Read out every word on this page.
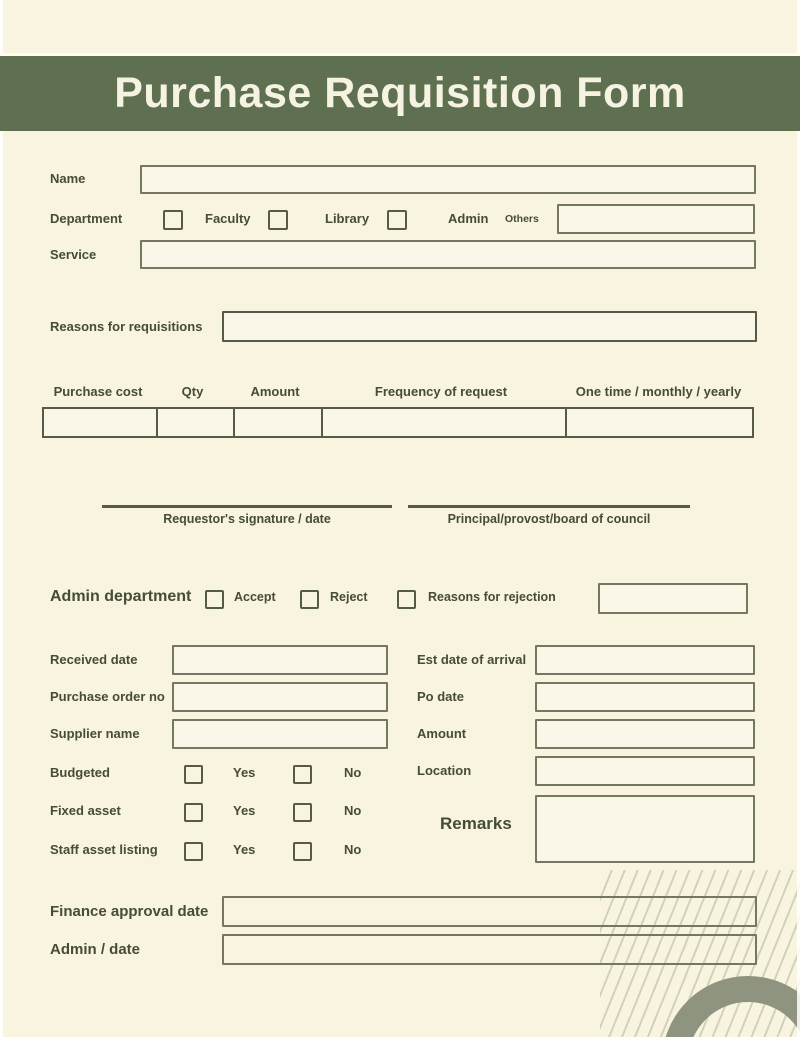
Purchase Requisition Form
Name
Department	Faculty	Library	Admin Others
Service
Reasons for requisitions
Purchase cost	Qty	Amount	Frequency of request	One time / monthly / yearly
Requestor's signature / date	Principal/provost/board of council
Admin department	Accept	Reject	Reasons for rejection
Received date
Purchase order no
Supplier name
Budgeted	Yes	No
Fixed asset	Yes	No
Staff asset listing	Yes	No
Est date of arrival
Po date
Amount
Location
Remarks
Finance approval date
Admin / date
